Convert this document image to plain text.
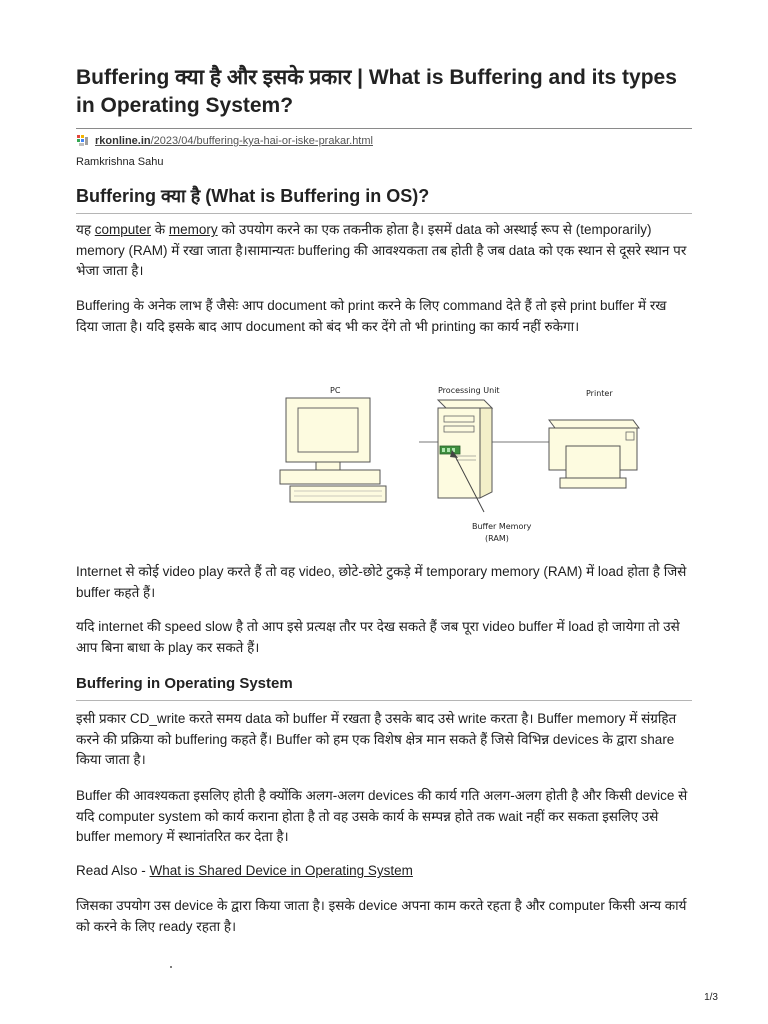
Buffering क्या है और इसके प्रकार | What is Buffering and its types in Operating System?
rkonline.in/2023/04/buffering-kya-hai-or-iske-prakar.html
Ramkrishna Sahu
Buffering क्या है (What is Buffering in OS)?

यह computer के memory को उपयोग करने का एक तकनीक होता है। इसमें data को अस्थाई रूप से (temporarily) memory (RAM) में रखा जाता है।सामान्यतः buffering की आवश्यकता तब होती है जब data को एक स्थान से दूसरे स्थान पर भेजा जाता है।

Buffering के अनेक लाभ हैं जैसेः आप document को print करने के लिए command देते हैं तो इसे print buffer में रख दिया जाता है। यदि इसके बाद आप document को बंद भी कर देंगे तो भी printing का कार्य नहीं रुकेगा।

PC	Processing Unit	Printer
Buffer Memory
(RAM)

Internet से कोई video play करते हैं तो वह video, छोटे-छोटे टुकड़े में temporary memory (RAM) में load होता है जिसे buffer कहते हैं।

यदि internet की speed slow है तो आप इसे प्रत्यक्ष तौर पर देख सकते हैं जब पूरा video buffer में load हो जायेगा तो उसे आप बिना बाधा के play कर सकते हैं।

Buffering in Operating System

इसी प्रकार CD_write करते समय data को buffer में रखता है उसके बाद उसे write करता है। Buffer memory में संग्रहित करने की प्रक्रिया को buffering कहते हैं। Buffer को हम एक विशेष क्षेत्र मान सकते हैं जिसे विभिन्न devices के द्वारा share किया जाता है।

Buffer की आवश्यकता इसलिए होती है क्योंकि अलग-अलग devices की कार्य गति अलग-अलग होती है और किसी device से यदि computer system को कार्य कराना होता है तो वह उसके कार्य के सम्पन्न होते तक wait नहीं कर सकता इसलिए उसे buffer memory में स्थानांतरित कर देता है।

Read Also - What is Shared Device in Operating System

जिसका उपयोग उस device के द्वारा किया जाता है। इसके device अपना काम करते रहता है और computer किसी अन्य कार्य को करने के लिए ready रहता है।

1/3
